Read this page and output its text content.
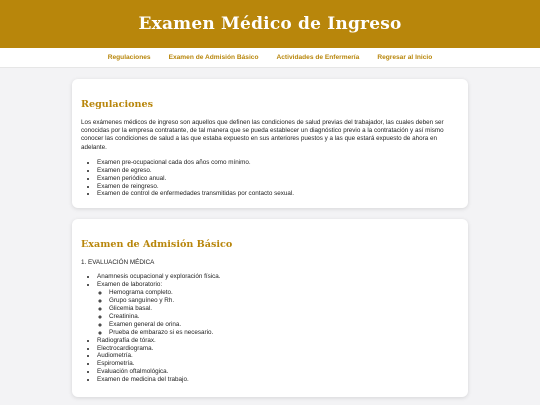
Examen Médico de Ingreso
Regulaciones	Examen de Admisión Básico	Actividades de Enfermería	Regresar al Inicio
Regulaciones

Los exámenes médicos de ingreso son aquellos que definen las condiciones de salud previas del trabajador, las cuales deben ser conocidas por la empresa contratante, de tal manera que se pueda establecer un diagnóstico previo a la contratación y así mismo conocer las condiciones de salud a las que estaba expuesto en sus anteriores puestos y a las que estará expuesto de ahora en adelante.

• Examen pre-ocupacional cada dos años como mínimo.
• Examen de egreso.
• Examen periódico anual.
• Examen de reingreso.
• Examen de control de enfermedades transmitidas por contacto sexual.
Examen de Admisión Básico
1. EVALUACIÓN MÉDICA
• Anamnesis ocupacional y exploración física.
• Examen de laboratorio:
◦ Hemograma completo.
◦ Grupo sanguíneo y Rh.
◦ Glicemia basal.
◦ Creatinina.
◦ Examen general de orina.
◦ Prueba de embarazo si es necesario.
• Radiografía de tórax.
• Electrocardiograma.
• Audiometría.
• Espirometría.
• Evaluación oftalmológica.
• Examen de medicina del trabajo.
